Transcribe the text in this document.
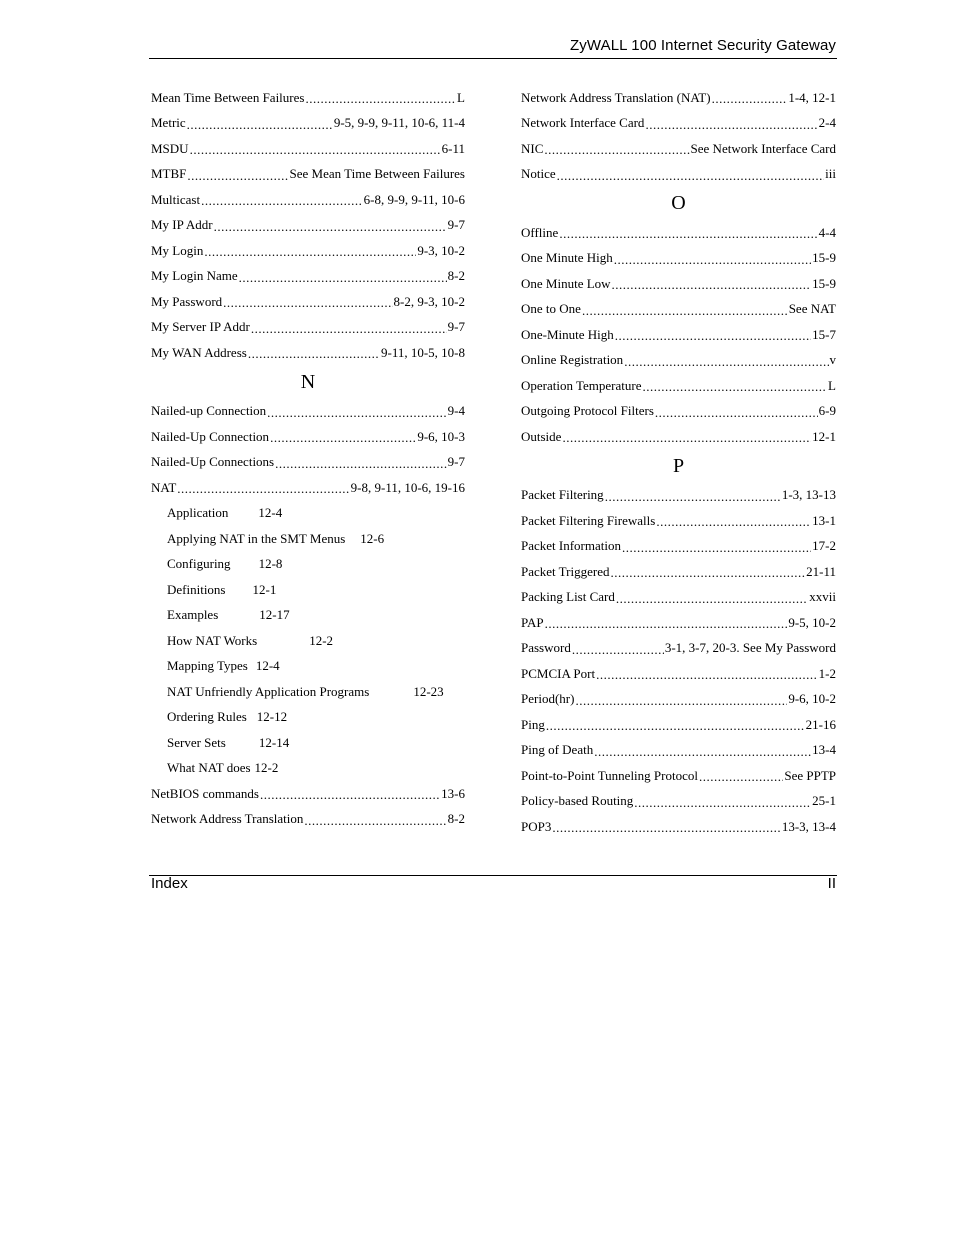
ZyWALL 100 Internet Security Gateway
Mean Time Between Failures .....	L
Metric .....	9-5, 9-9, 9-11, 10-6, 11-4
MSDU .....	6-11
MTBF .....	See Mean Time Between Failures
Multicast .....	6-8, 9-9, 9-11, 10-6
My IP Addr .....	9-7
My Login .....	9-3, 10-2
My Login Name .....	8-2
My Password .....	8-2, 9-3, 10-2
My Server IP Addr .....	9-7
My WAN Address .....	9-11, 10-5, 10-8
N
Nailed-up Connection .....	9-4
Nailed-Up Connection .....	9-6, 10-3
Nailed-Up Connections .....	9-7
NAT .....	9-8, 9-11, 10-6, 19-16
Application 12-4
Applying NAT in the SMT Menus 12-6
Configuring 12-8
Definitions 12-1
Examples	12-17
How NAT Works	12-2
Mapping Types 12-4
NAT Unfriendly Application Programs	12-23
Ordering Rules 12-12
Server Sets	12-14
What NAT does 12-2
NetBIOS commands .....	13-6
Network Address Translation .....	8-2
Network Address Translation (NAT) .....	1-4, 12-1
Network Interface Card .....	2-4
NIC .....	See Network Interface Card
Notice .....	iii
O
Offline .....	4-4
One Minute High .....	15-9
One Minute Low .....	15-9
One to One .....	See NAT
One-Minute High .....	15-7
Online Registration .....	v
Operation Temperature .....	L
Outgoing Protocol Filters .....	6-9
Outside .....	12-1
P
Packet Filtering .....	1-3, 13-13
Packet Filtering Firewalls .....	13-1
Packet Information .....	17-2
Packet Triggered .....	21-11
Packing List Card .....	xxvii
PAP .....	9-5, 10-2
Password .....	3-1, 3-7, 20-3. See My Password
PCMCIA Port .....	1-2
Period(hr) .....	9-6, 10-2
Ping .....	21-16
Ping of Death .....	13-4
Point-to-Point Tunneling Protocol .....	See PPTP
Policy-based Routing .....	25-1
POP3 .....	13-3, 13-4
Index	II
